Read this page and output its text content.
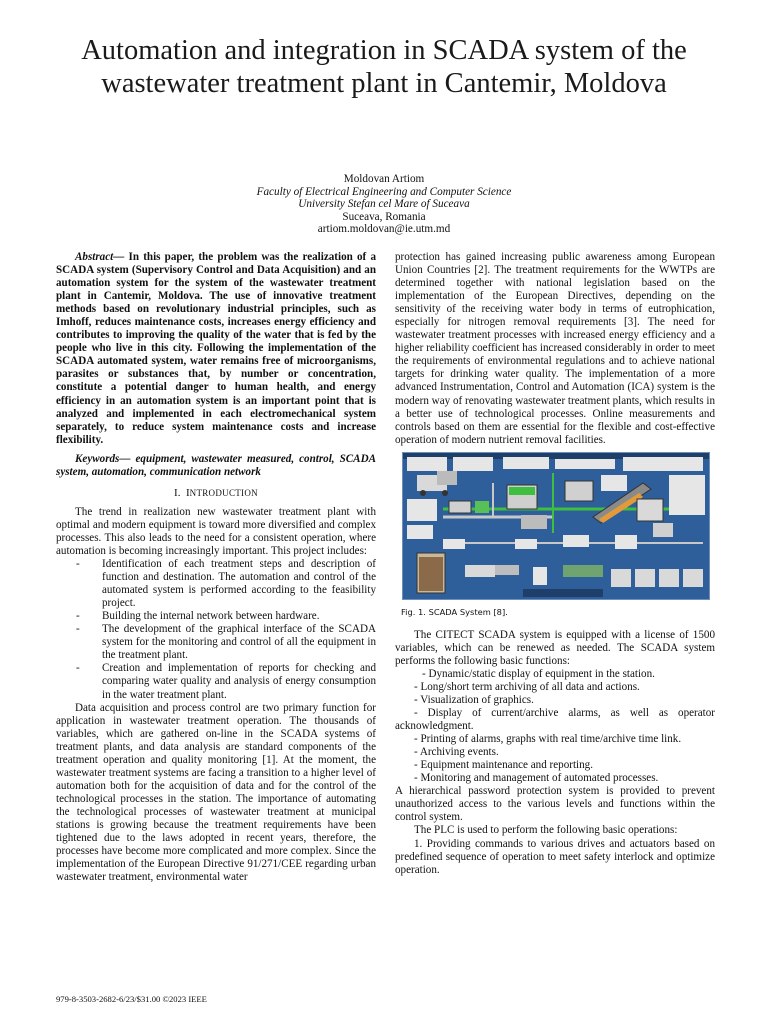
Automation and integration in SCADA system of the wastewater treatment plant in Cantemir, Moldova
Moldovan Artiom
Faculty of Electrical Engineering and Computer Science
University Stefan cel Mare of Suceava
Suceava, Romania
artiom.moldovan@ie.utm.md

Abstract— In this paper, the problem was the realization of a SCADA system (Supervisory Control and Data Acquisition) and an automation system for the system of the wastewater treatment plant in Cantemir, Moldova. The use of innovative treatment methods based on revolutionary industrial principles, such as Imhoff, reduces maintenance costs, increases energy efficiency and contributes to improving the quality of the water that is fed by the people who live in this city. Following the implementation of the SCADA automated system, water remains free of microorganisms, parasites or substances that, by number or concentration, constitute a potential danger to human health, and energy efficiency in an automation system is an important point that is analyzed and implemented in each electromechanical system separately, to reduce system maintenance costs and increase flexibility.

Keywords— equipment, wastewater measured, control, SCADA system, automation, communication network

I. INTRODUCTION

The trend in realization new wastewater treatment plant with optimal and modern equipment is toward more diversified and complex processes. This also leads to the need for a consistent operation, where automation is becoming increasingly important. This project includes:

-	Identification of each treatment steps and description of function and destination. The automation and control of the automated system is performed according to the feasibility project.
-	Building the internal network between hardware.
-	The development of the graphical interface of the SCADA system for the monitoring and control of all the equipment in the treatment plant.
-	Creation and implementation of reports for checking and comparing water quality and analysis of energy consumption in the water treatment plant.

Data acquisition and process control are two primary function for application in wastewater treatment operation. The thousands of variables, which are gathered on-line in the SCADA systems of treatment plants, and data analysis are standard components of the treatment operation and quality monitoring [1]. At the moment, the wastewater treatment systems are facing a transition to a higher level of automation both for the acquisition of data and for the control of the technological processes in the station. The importance of automating the technological processes of wastewater treatment at municipal stations is growing because the treatment requirements have been tightened due to the laws adopted in recent years, therefore, the processes have become more complicated and more complex. Since the implementation of the European Directive 91/271/CEE regarding urban wastewater treatment, environmental water

protection has gained increasing public awareness among European Union Countries [2]. The treatment requirements for the WWTPs are determined together with national legislation based on the implementation of the European Directives, depending on the sensitivity of the receiving water body in terms of eutrophication, especially for nitrogen removal requirements [3]. The need for wastewater treatment processes with increased energy efficiency and a higher reliability coefficient has increased considerably in order to meet the requirements of environmental regulations and to achieve national targets for drinking water quality. The implementation of a more advanced Instrumentation, Control and Automation (ICA) system is the modern way of renovating wastewater treatment plants, which results in a better use of technological processes. Online measurements and controls based on them are essential for the flexible and cost-effective operation of modern nutrient removal facilities.

Fig. 1. SCADA System [8].

The CITECT SCADA system is equipped with a license of 1500 variables, which can be renewed as needed. The SCADA system performs the following basic functions:

- Dynamic/static display of equipment in the station.

- Long/short term archiving of all data and actions.

- Visualization of graphics.

- Display of current/archive alarms, as well as operator acknowledgment.

- Printing of alarms, graphs with real time/archive time link.

- Archiving events.

- Equipment maintenance and reporting.

- Monitoring and management of automated processes.

A hierarchical password protection system is provided to prevent unauthorized access to the various levels and functions within the control system.

The PLC is used to perform the following basic operations:

1. Providing commands to various drives and actuators based on predefined sequence of operation to meet safety interlock and optimize operation.

979-8-3503-2682-6/23/$31.00 ©2023 IEEE
